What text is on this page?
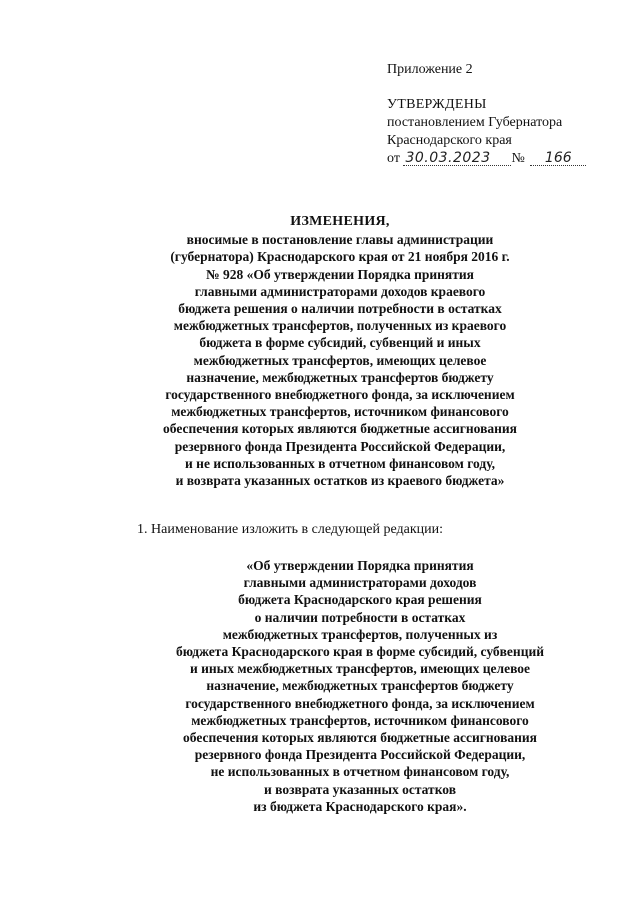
Приложение 2
УТВЕРЖДЕНЫ
постановлением Губернатора
Краснодарского края
от 30.03.2023 № 166
ИЗМЕНЕНИЯ,
вносимые в постановление главы администрации
(губернатора) Краснодарского края от 21 ноября 2016 г.
№ 928 «Об утверждении Порядка принятия
главными администраторами доходов краевого
бюджета решения о наличии потребности в остатках
межбюджетных трансфертов, полученных из краевого
бюджета в форме субсидий, субвенций и иных
межбюджетных трансфертов, имеющих целевое
назначение, межбюджетных трансфертов бюджету
государственного внебюджетного фонда, за исключением
межбюджетных трансфертов, источником финансового
обеспечения которых являются бюджетные ассигнования
резервного фонда Президента Российской Федерации,
и не использованных в отчетном финансовом году,
и возврата указанных остатков из краевого бюджета»
1. Наименование изложить в следующей редакции:
«Об утверждении Порядка принятия
главными администраторами доходов
бюджета Краснодарского края решения
о наличии потребности в остатках
межбюджетных трансфертов, полученных из
бюджета Краснодарского края в форме субсидий, субвенций
и иных межбюджетных трансфертов, имеющих целевое
назначение, межбюджетных трансфертов бюджету
государственного внебюджетного фонда, за исключением
межбюджетных трансфертов, источником финансового
обеспечения которых являются бюджетные ассигнования
резервного фонда Президента Российской Федерации,
не использованных в отчетном финансовом году,
и возврата указанных остатков
из бюджета Краснодарского края».
